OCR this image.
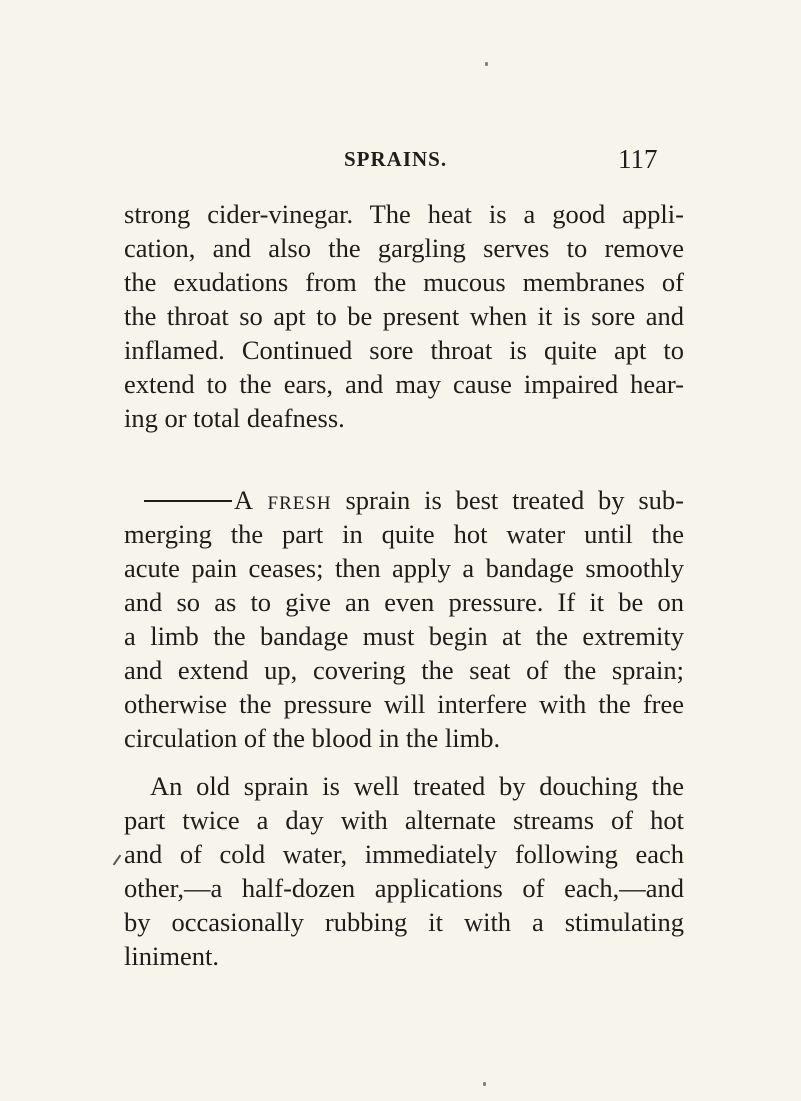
SPRAINS.	117
strong cider-vinegar. The heat is a good appli-
cation, and also the gargling serves to remove
the exudations from the mucous membranes of
the throat so apt to be present when it is sore and
inflamed. Continued sore throat is quite apt to
extend to the ears, and may cause impaired hear-
ing or total deafness.
A fresh sprain is best treated by sub-
merging the part in quite hot water until the
acute pain ceases; then apply a bandage smoothly
and so as to give an even pressure. If it be on
a limb the bandage must begin at the extremity
and extend up, covering the seat of the sprain;
otherwise the pressure will interfere with the free
circulation of the blood in the limb.
An old sprain is well treated by douching the
part twice a day with alternate streams of hot
and of cold water, immediately following each
other,—a half-dozen applications of each,—and
by occasionally rubbing it with a stimulating
liniment.
